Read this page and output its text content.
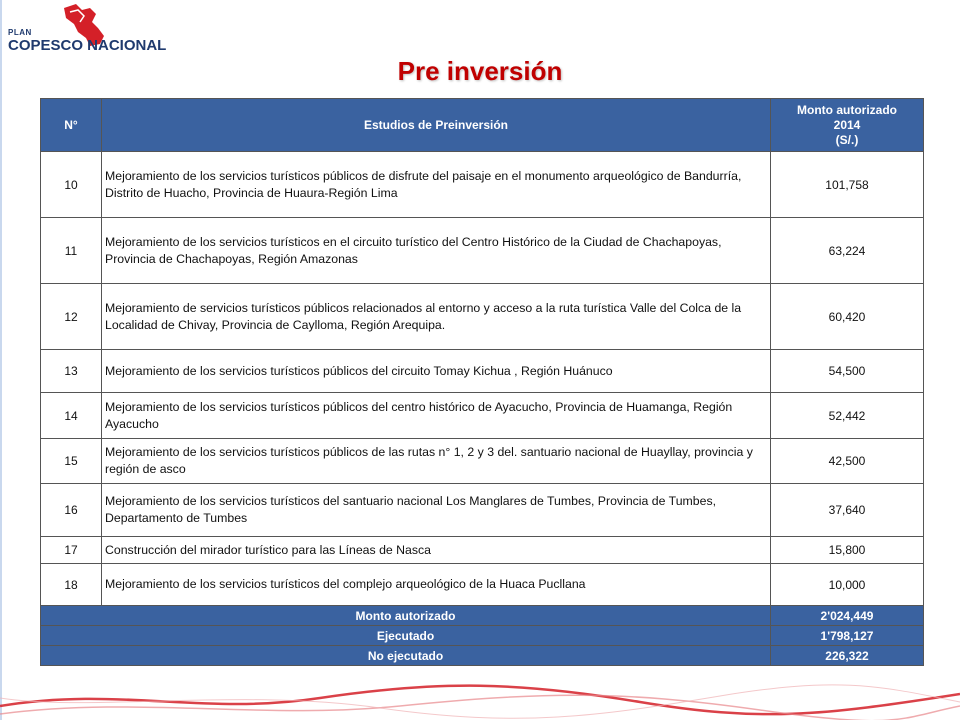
PLAN
COPESCO NACIONAL
Pre inversión
N°	Estudios de Preinversión	Monto autorizado
2014
(S/.)
10	Mejoramiento de los servicios turísticos públicos de disfrute del paisaje en el monumento arqueológico de Bandurría, Distrito de Huacho, Provincia de Huaura-Región Lima	101,758
11	Mejoramiento de los servicios turísticos en el circuito turístico del Centro Histórico de la Ciudad de Chachapoyas, Provincia de Chachapoyas, Región Amazonas	63,224
12	Mejoramiento de servicios turísticos públicos relacionados al entorno y acceso a la ruta turística Valle del Colca de la Localidad de Chivay, Provincia de Caylloma, Región Arequipa.	60,420
13	Mejoramiento de los servicios turísticos públicos del circuito Tomay Kichua , Región Huánuco	54,500
14	Mejoramiento de los servicios turísticos públicos del centro histórico de Ayacucho, Provincia de Huamanga, Región Ayacucho	52,442
15	Mejoramiento de los servicios turísticos públicos de las rutas n° 1, 2 y 3 del. santuario nacional de Huayllay, provincia y región de asco	42,500
16	Mejoramiento de los servicios turísticos del santuario nacional Los Manglares de Tumbes, Provincia de Tumbes, Departamento de Tumbes	37,640
17	Construcción del mirador turístico para las Líneas de Nasca	15,800
18	Mejoramiento de los servicios turísticos del complejo arqueológico de la Huaca Pucllana	10,000
Monto autorizado		2'024,449
Ejecutado		1'798,127
No ejecutado		226,322
